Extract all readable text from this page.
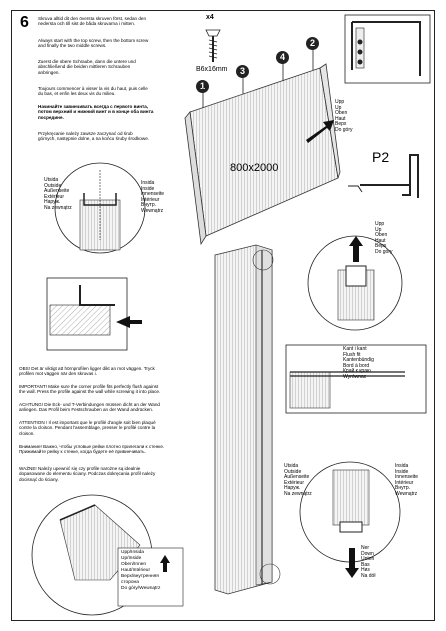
6 Skruva alltid dit den översta skruven först, sedan den
nedersta och till sist de båda skruvarna i mitten.
Always start with the top screw, then the bottom screw
and finally the two middle screws.
Zuerst die obere Schraube, dann die untere und
abschließend die beiden mittleren Schrauben
anbringen.
Toujours commencer à visser la vis du haut, puis celle
du bas, et enfin les deux vis du milieu.
Начинайте завинчивать всегда с первого винта,
потом верхний и нижний винт и в конце оба винта
посредине.
Przykręcanie należy zawsze zaczynać od śrub
górnych, następnie dolne, a na końcu śruby środkowe.
x4
B6x16mm
1
3
4
2
800x2000
Upp
Up
Oben
Haut
Верх
Do góry
P2
Utsida
Outside
Außenseite
Extérieur
Наруж.
Na zewnątrz
Insida
Inside
Innenseite
Intérieur
Внутр.
Wewnątrz
Upp
Up
Oben
Haut
Верх
Do góry
Kant i kant
Flush fit
Kantenbündig
Bord à bord
Край к краю
Wyrównac
OBS! Det är viktigt att hörnprofilen ligger dikt an mot väggen. Tryck
profilen mot väggen när den skruvas i.
IMPORTANT! Make sure the corner profile fits perfectly flush against
the wall. Press the profile against the wall while screwing it into place.
ACHTUNG! Die Eck- und T-Verbindungen müssen dicht an der Wand
anliegen. Das Profil beim Festschrauben an der Wand andrücken.
ATTENTION ! Il est important que le profilé d'angle soit bien plaqué
contre la cloison. Pendant l'assemblage, presser le profilé contre la
cloison.
Внимание! Важно, чтобы угловые рейки плотно прилегали к стенке.
Прижимайте рейку к стенке, когда будете её привинчивать.
WAŻNE! Należy upewnić się czy profile narożne są idealnie
dopasowane do elementu ściany. Podczas dokręcania profil należy
docisnąć do ściany.
Utsida
Outside
Außenseite
Extérieur
Наруж.
Na zewnątrz
Insida
Inside
Innenseite
Intérieur
Внутр.
Wewnątrz
Ner
Down
Unten
Bas
Низ
Na dół
Upp/Insida
Up/Inside
Oben/Innen
Haut/Intérieur
Верх/внутренняя
сторона
Do góry/Wewnątrz
